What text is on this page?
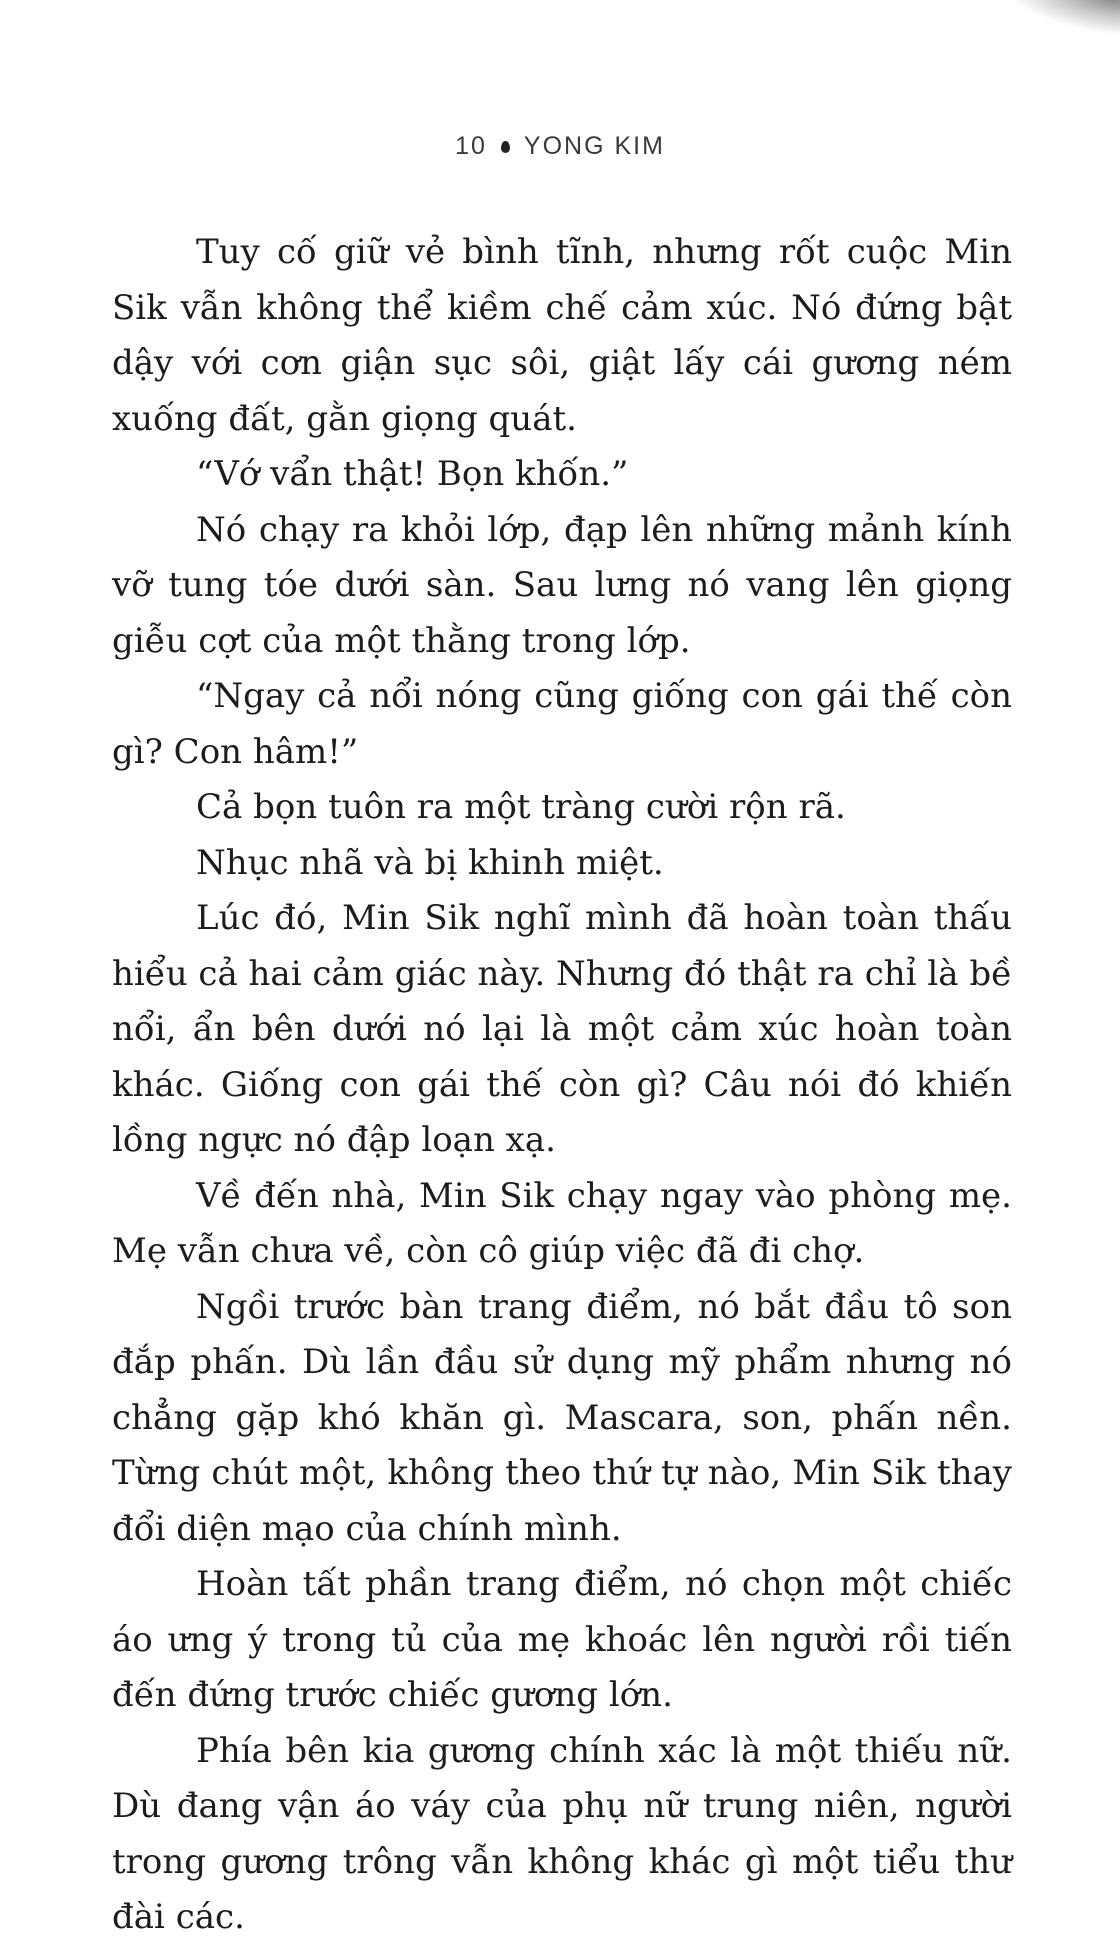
10 YONG KIM

Tuy cố giữ vẻ bình tĩnh, nhưng rốt cuộc Min Sik vẫn không thể kiềm chế cảm xúc. Nó đứng bật dậy với cơn giận sục sôi, giật lấy cái gương ném xuống đất, gằn giọng quát.

“Vớ vẩn thật! Bọn khốn.”

Nó chạy ra khỏi lớp, đạp lên những mảnh kính vỡ tung tóe dưới sàn. Sau lưng nó vang lên giọng giễu cợt của một thằng trong lớp.

“Ngay cả nổi nóng cũng giống con gái thế còn gì? Con hâm!”

Cả bọn tuôn ra một tràng cười rộn rã.

Nhục nhã và bị khinh miệt.

Lúc đó, Min Sik nghĩ mình đã hoàn toàn thấu hiểu cả hai cảm giác này. Nhưng đó thật ra chỉ là bề nổi, ẩn bên dưới nó lại là một cảm xúc hoàn toàn khác. Giống con gái thế còn gì? Câu nói đó khiến lồng ngực nó đập loạn xạ.

Về đến nhà, Min Sik chạy ngay vào phòng mẹ. Mẹ vẫn chưa về, còn cô giúp việc đã đi chợ.

Ngồi trước bàn trang điểm, nó bắt đầu tô son đắp phấn. Dù lần đầu sử dụng mỹ phẩm nhưng nó chẳng gặp khó khăn gì. Mascara, son, phấn nền. Từng chút một, không theo thứ tự nào, Min Sik thay đổi diện mạo của chính mình.

Hoàn tất phần trang điểm, nó chọn một chiếc áo ưng ý trong tủ của mẹ khoác lên người rồi tiến đến đứng trước chiếc gương lớn.

Phía bên kia gương chính xác là một thiếu nữ. Dù đang vận áo váy của phụ nữ trung niên, người trong gương trông vẫn không khác gì một tiểu thư đài các.
